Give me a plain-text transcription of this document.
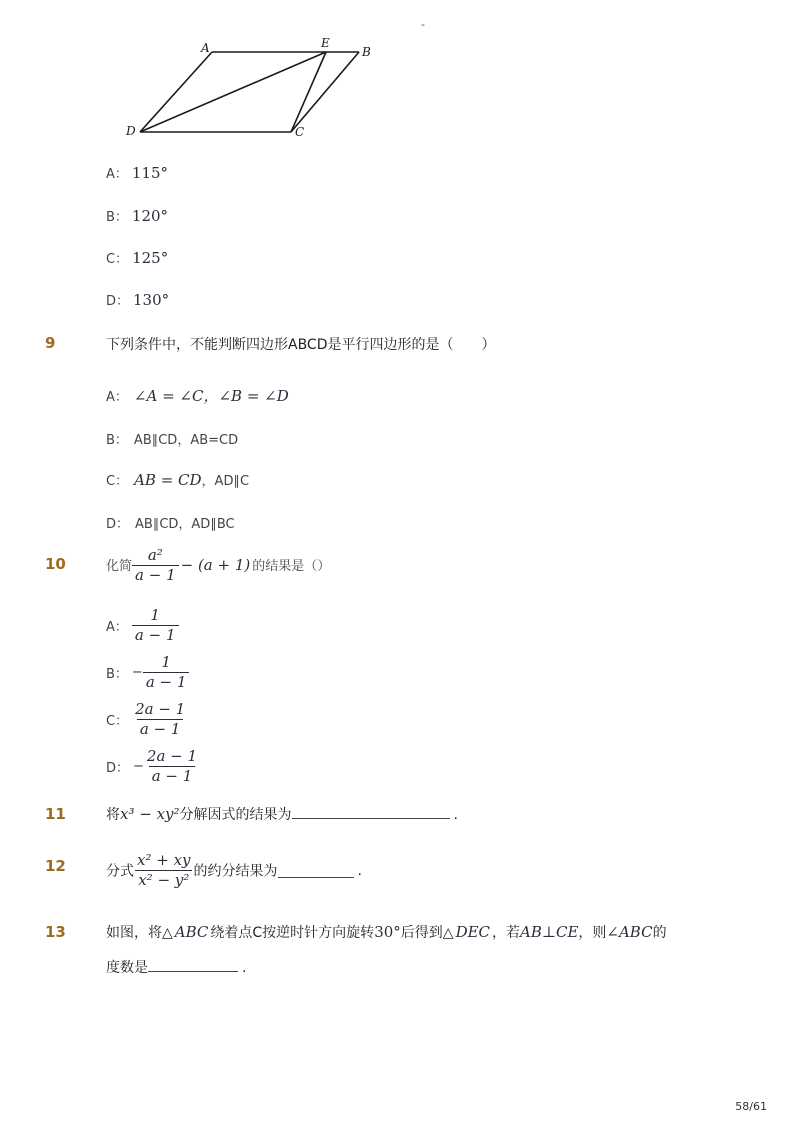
-
A	E
B
D	C
A： 115°
B： 120°
C： 125°
D： 130°
9	下列条件中，不能判断四边形ABCD是平行四边形的是（　　）
A： ∠A = ∠C，∠B = ∠D
B： AB∥CD，AB=CD
C： AB = CD，AD∥C
D： AB∥CD，AD∥BC
10	化简 $\frac{\text{a²}}{a - 1} - (a + 1)$ 的结果是（）
A： $\frac{1}{a - 1}$
B： − $\frac{1}{a - 1}$
C： $\frac{2a - 1}{a - 1}$
D： − $\frac{2a - 1}{a - 1}$
11	将x³ − xy²分解因式的结果为	.
12	分式 $\frac{\text{x² + xy}}{\text{x² − y²}}$ 的约分结果为	.
13	如图，将△ ABC 绕着点C按逆时针方向旋转30°后得到△ DEC ，若AB⊥CE，则∠ABC的
度数是	.
58/61
